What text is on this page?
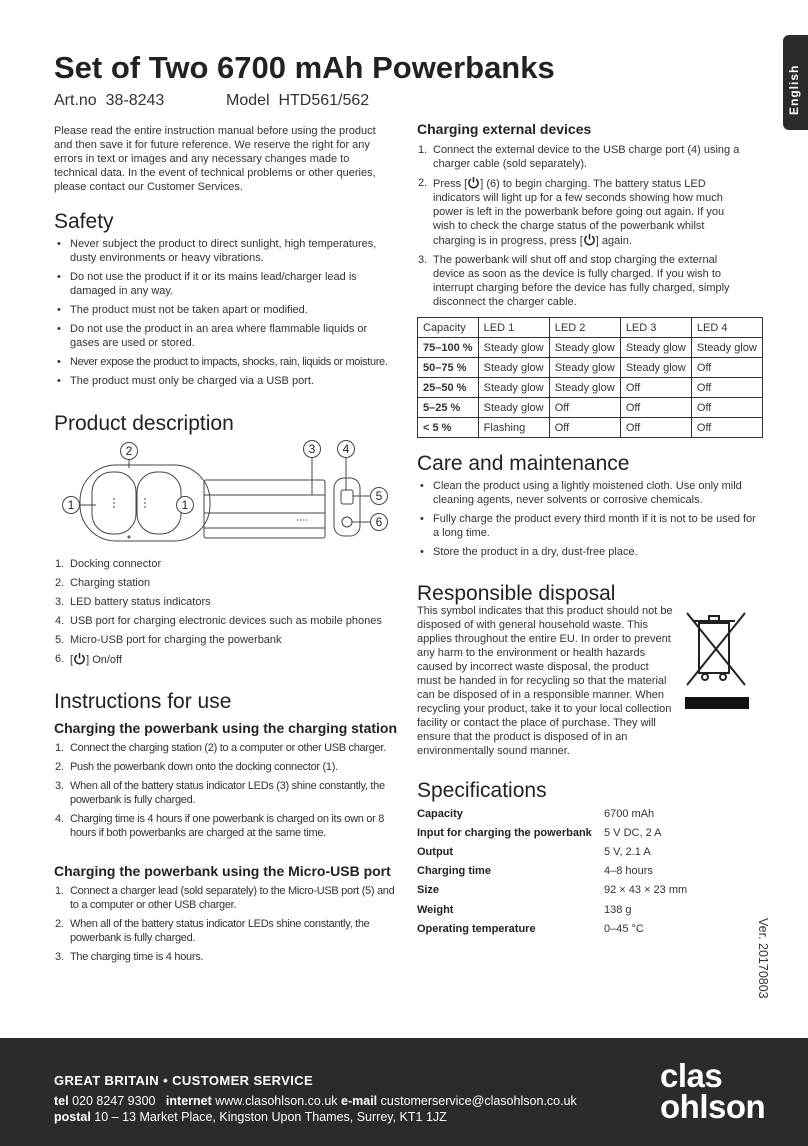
English
Set of Two 6700 mAh Powerbanks
Art.no 38-8243	Model HTD561/562
Please read the entire instruction manual before using the product and then save it for future reference. We reserve the right for any errors in text or images and any necessary changes made to technical data. In the event of technical problems or other queries, please contact our Customer Services.
Safety
• Never subject the product to direct sunlight, high temperatures, dusty environments or heavy vibrations.
• Do not use the product if it or its mains lead/charger lead is damaged in any way.
• The product must not be taken apart or modified.
• Do not use the product in an area where flammable liquids or gases are used or stored.
• Never expose the product to impacts, shocks, rain, liquids or moisture.
• The product must only be charged via a USB port.
Product description
1
2
1
3 4
5
6
1. Docking connector
2. Charging station
3. LED battery status indicators
4. USB port for charging electronic devices such as mobile phones
5. Micro-USB port for charging the powerbank
6. [ ] On/off
Instructions for use
Charging the powerbank using the charging station
1. Connect the charging station (2) to a computer or other USB charger.
2. Push the powerbank down onto the docking connector (1).
3. When all of the battery status indicator LEDs (3) shine constantly, the powerbank is fully charged.
4. Charging time is 4 hours if one powerbank is charged on its own or 8 hours if both powerbanks are charged at the same time.
Charging the powerbank using the Micro-USB port
1. Connect a charger lead (sold separately) to the Micro-USB port (5) and to a computer or other USB charger.
2. When all of the battery status indicator LEDs shine constantly, the powerbank is fully charged.
3. The charging time is 4 hours.
Charging external devices
1. Connect the external device to the USB charge port (4) using a charger cable (sold separately).
2. Press [ ] (6) to begin charging. The battery status LED indicators will light up for a few seconds showing how much power is left in the powerbank before going out again. If you wish to check the charge status of the powerbank whilst charging is in progress, press [ ] again.
3. The powerbank will shut off and stop charging the external device as soon as the device is fully charged. If you wish to interrupt charging before the device has fully charged, simply disconnect the charger cable.
Capacity	LED 1	LED 2	LED 3	LED 4
75–100 %	Steady glow	Steady glow	Steady glow	Steady glow
50–75 %	Steady glow	Steady glow	Steady glow	Off
25–50 %	Steady glow	Steady glow	Off	Off
5–25 %	Steady glow	Off	Off	Off
< 5 %	Flashing	Off	Off	Off
Care and maintenance
• Clean the product using a lightly moistened cloth. Use only mild cleaning agents, never solvents or corrosive chemicals.
• Fully charge the product every third month if it is not to be used for a long time.
• Store the product in a dry, dust-free place.
Responsible disposal
This symbol indicates that this product should not be disposed of with general household waste. This applies throughout the entire EU. In order to prevent any harm to the environment or health hazards caused by incorrect waste disposal, the product must be handed in for recycling so that the material can be disposed of in a responsible manner. When recycling your product, take it to your local collection facility or contact the place of purchase. They will ensure that the product is disposed of in an environmentally sound manner.
Specifications
Capacity	6700 mAh
Input for charging the powerbank 5 V DC, 2 A
Output	5 V, 2.1 A
Charging time	4–8 hours
Size	92 × 43 × 23 mm
Weight	138 g
Operating temperature	0–45 °C	Ver. 20170803
GREAT BRITAIN • CUSTOMER SERVICE
tel 020 8247 9300 internet www.clasohlson.co.uk e-mail customerservice@clasohlson.co.uk
postal 10 – 13 Market Place, Kingston Upon Thames, Surrey, KT1 1JZ
clas
ohlson
